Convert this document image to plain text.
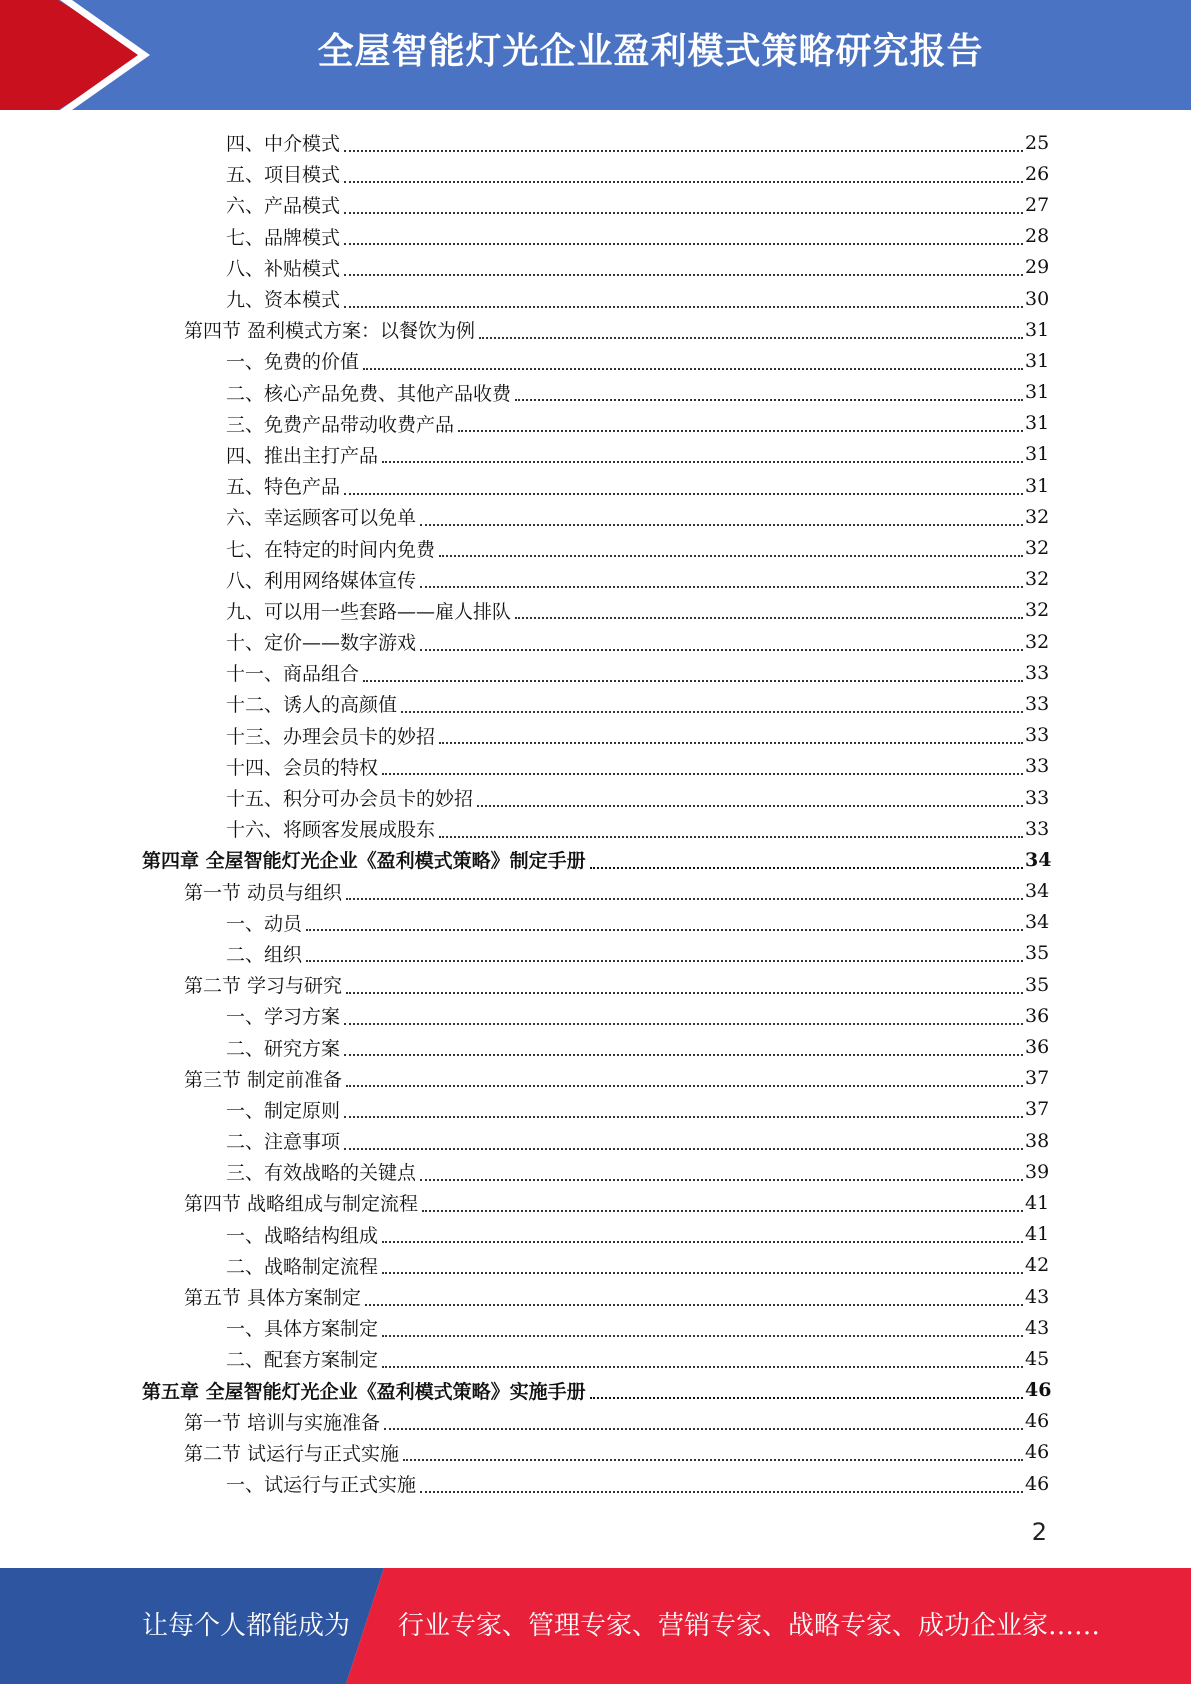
全屋智能灯光企业盈利模式策略研究报告
四、中介模式	25
五、项目模式	26
六、产品模式	27
七、品牌模式	28
八、补贴模式	29
九、资本模式	30
第四节 盈利模式方案：以餐饮为例	31
一、免费的价值	31
二、核心产品免费、其他产品收费	31
三、免费产品带动收费产品	31
四、推出主打产品	31
五、特色产品	31
六、幸运顾客可以免单	32
七、在特定的时间内免费	32
八、利用网络媒体宣传	32
九、可以用一些套路——雇人排队	32
十、定价——数字游戏	32
十一、商品组合	33
十二、诱人的高颜值	33
十三、办理会员卡的妙招	33
十四、会员的特权	33
十五、积分可办会员卡的妙招	33
十六、将顾客发展成股东	33
第四章 全屋智能灯光企业《盈利模式策略》制定手册	34
第一节 动员与组织	34
一、动员	34
二、组织	35
第二节 学习与研究	35
一、学习方案	36
二、研究方案	36
第三节 制定前准备	37
一、制定原则	37
二、注意事项	38
三、有效战略的关键点	39
第四节 战略组成与制定流程	41
一、战略结构组成	41
二、战略制定流程	42
第五节 具体方案制定	43
一、具体方案制定	43
二、配套方案制定	45
第五章 全屋智能灯光企业《盈利模式策略》实施手册	46
第一节 培训与实施准备	46
第二节 试运行与正式实施	46
一、试运行与正式实施	46
2
让每个人都能成为 行业专家、管理专家、营销专家、战略专家、成功企业家……
